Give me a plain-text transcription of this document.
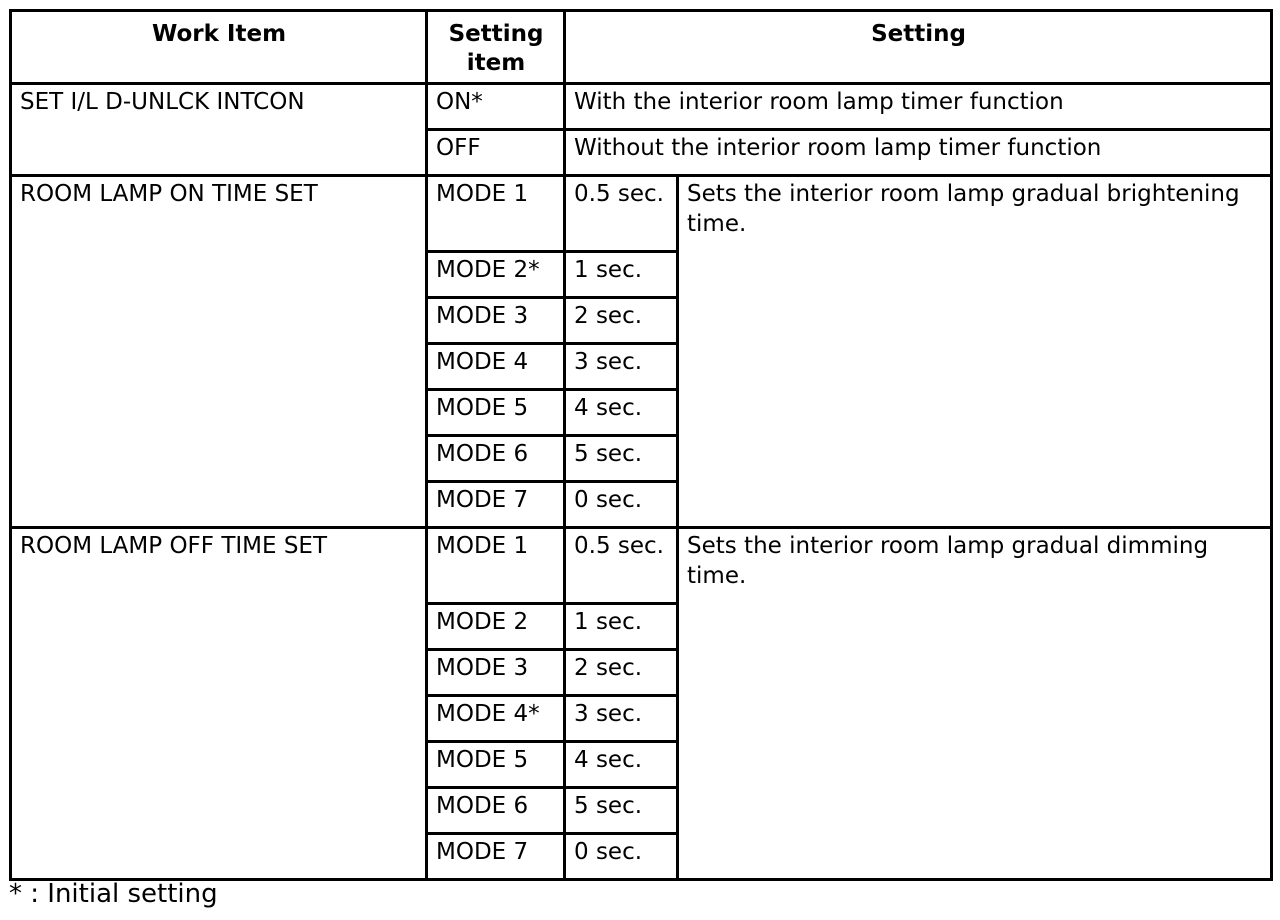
Work Item	Setting item	Setting	
SET I/L D-UNLCK INTCON	ON*	With the interior room lamp timer function	
	OFF	Without the interior room lamp timer function	
ROOM LAMP ON TIME SET	MODE 1	0.5 sec.	Sets the interior room lamp gradual brightening time.
	MODE 2*	1 sec.	
	MODE 3	2 sec.	
	MODE 4	3 sec.	
	MODE 5	4 sec.	
	MODE 6	5 sec.	
	MODE 7	0 sec.	
ROOM LAMP OFF TIME SET	MODE 1	0.5 sec.	Sets the interior room lamp gradual dimming time.
	MODE 2	1 sec.	
	MODE 3	2 sec.	
	MODE 4*	3 sec.	
	MODE 5	4 sec.	
	MODE 6	5 sec.	
	MODE 7	0 sec.	
* : Initial setting
